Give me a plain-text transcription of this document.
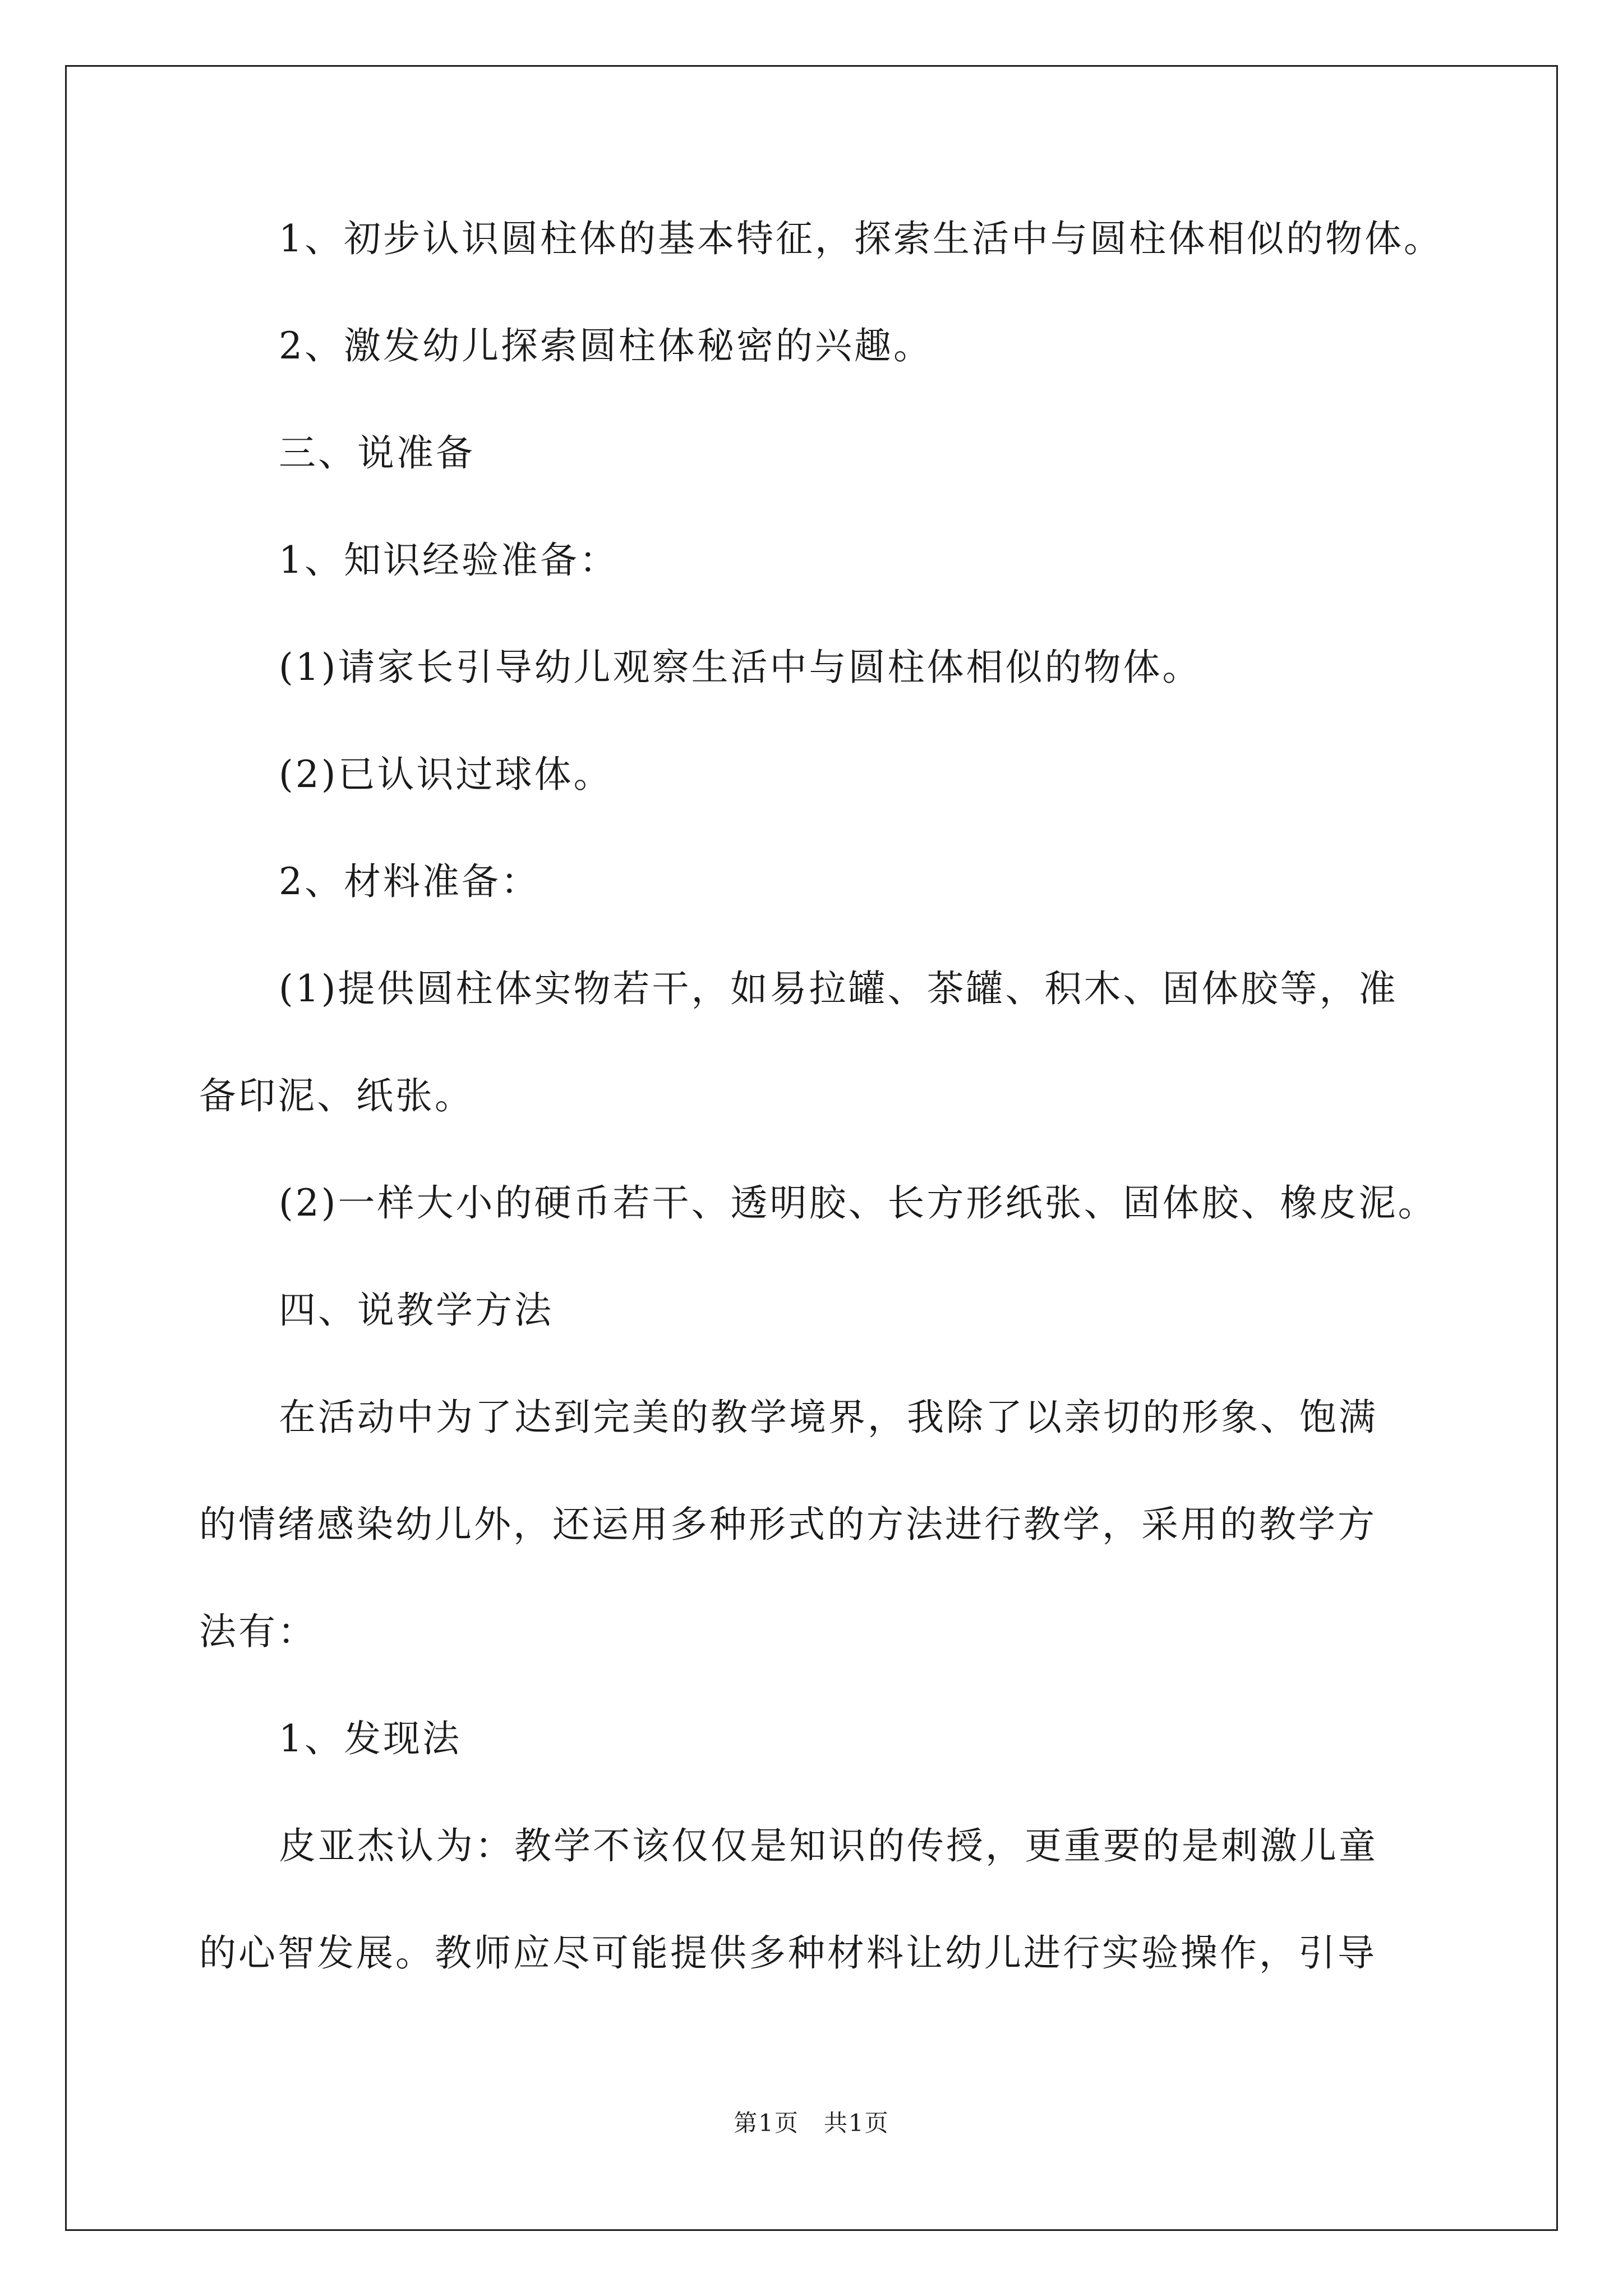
1、初步认识圆柱体的基本特征，探索生活中与圆柱体相似的物体。

2、激发幼儿探索圆柱体秘密的兴趣。

三、说准备

1、知识经验准备：

(1)请家长引导幼儿观察生活中与圆柱体相似的物体。

(2)已认识过球体。

2、材料准备：

(1)提供圆柱体实物若干，如易拉罐、茶罐、积木、固体胶等，准

备印泥、纸张。

(2)一样大小的硬币若干、透明胶、长方形纸张、固体胶、橡皮泥。

四、说教学方法

在活动中为了达到完美的教学境界，我除了以亲切的形象、饱满

的情绪感染幼儿外，还运用多种形式的方法进行教学，采用的教学方

法有：

1、发现法

皮亚杰认为：教学不该仅仅是知识的传授，更重要的是刺激儿童

的心智发展。教师应尽可能提供多种材料让幼儿进行实验操作，引导

第1页　共1页
